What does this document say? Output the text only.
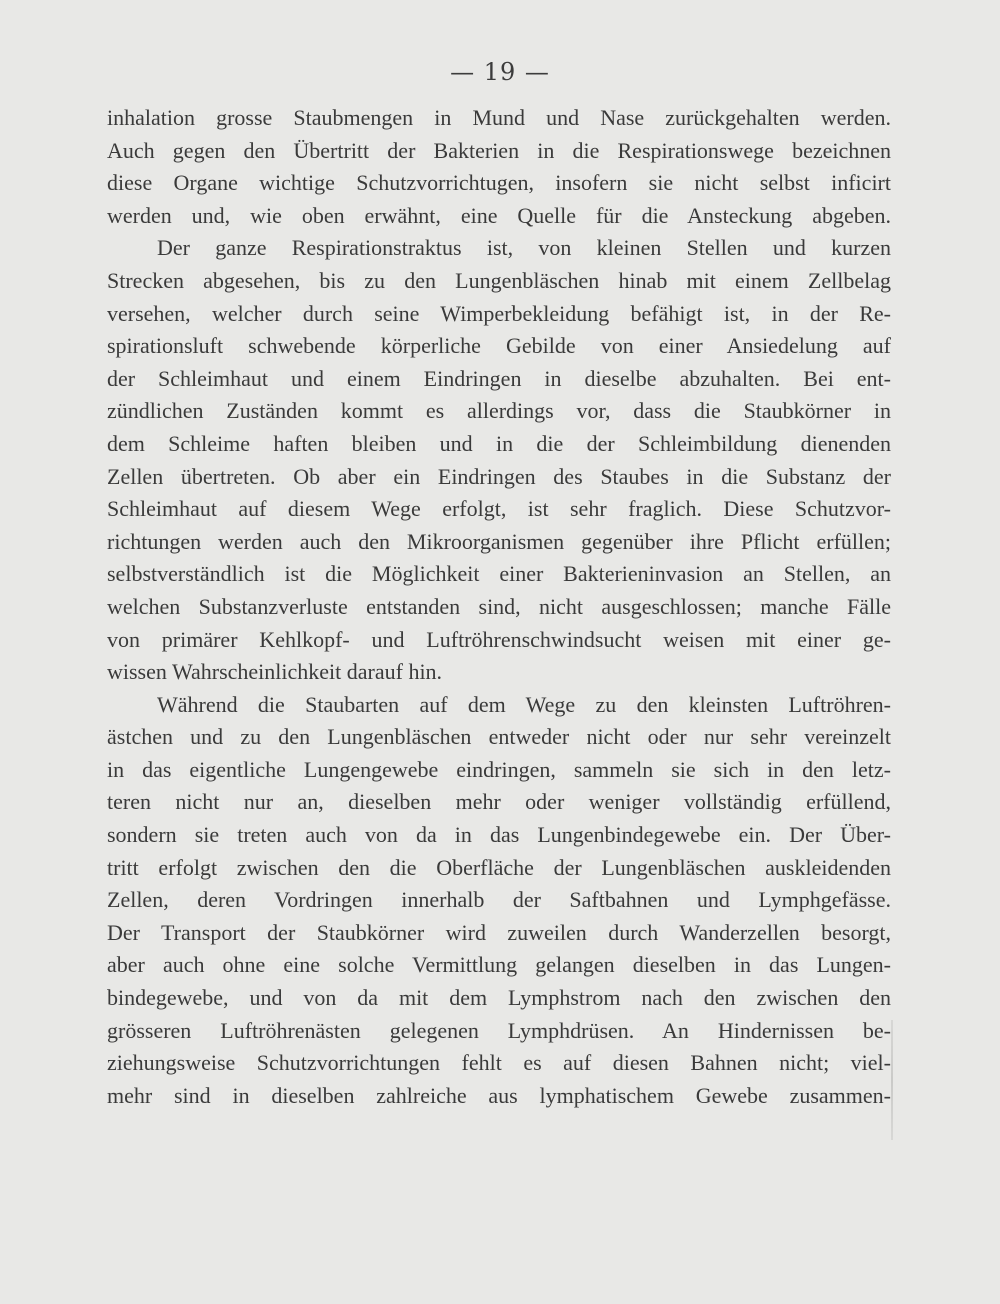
— 19 —
inhalation grosse Staubmengen in Mund und Nase zurückgehalten werden.
Auch gegen den Übertritt der Bakterien in die Respirationswege bezeichnen
diese Organe wichtige Schutzvorrichtugen, insofern sie nicht selbst inficirt
werden und, wie oben erwähnt, eine Quelle für die Ansteckung abgeben.
Der ganze Respirationstraktus ist, von kleinen Stellen und kurzen
Strecken abgesehen, bis zu den Lungenbläschen hinab mit einem Zellbelag
versehen, welcher durch seine Wimperbekleidung befähigt ist, in der Re-
spirationsluft schwebende körperliche Gebilde von einer Ansiedelung auf
der Schleimhaut und einem Eindringen in dieselbe abzuhalten. Bei ent-
zündlichen Zuständen kommt es allerdings vor, dass die Staubkörner in
dem Schleime haften bleiben und in die der Schleimbildung dienenden
Zellen übertreten. Ob aber ein Eindringen des Staubes in die Substanz der
Schleimhaut auf diesem Wege erfolgt, ist sehr fraglich. Diese Schutzvor-
richtungen werden auch den Mikroorganismen gegenüber ihre Pflicht erfüllen;
selbstverständlich ist die Möglichkeit einer Bakterieninvasion an Stellen, an
welchen Substanzverluste entstanden sind, nicht ausgeschlossen; manche Fälle
von primärer Kehlkopf- und Luftröhrenschwindsucht weisen mit einer ge-
wissen Wahrscheinlichkeit darauf hin.
Während die Staubarten auf dem Wege zu den kleinsten Luftröhren-
ästchen und zu den Lungenbläschen entweder nicht oder nur sehr vereinzelt
in das eigentliche Lungengewebe eindringen, sammeln sie sich in den letz-
teren nicht nur an, dieselben mehr oder weniger vollständig erfüllend,
sondern sie treten auch von da in das Lungenbindegewebe ein. Der Über-
tritt erfolgt zwischen den die Oberfläche der Lungenbläschen auskleidenden
Zellen, deren Vordringen innerhalb der Saftbahnen und Lymphgefässe.
Der Transport der Staubkörner wird zuweilen durch Wanderzellen besorgt,
aber auch ohne eine solche Vermittlung gelangen dieselben in das Lungen-
bindegewebe, und von da mit dem Lymphstrom nach den zwischen den
grösseren Luftröhrenästen gelegenen Lymphdrüsen. An Hindernissen be-
ziehungsweise Schutzvorrichtungen fehlt es auf diesen Bahnen nicht; viel-
mehr sind in dieselben zahlreiche aus lymphatischem Gewebe zusammen-
